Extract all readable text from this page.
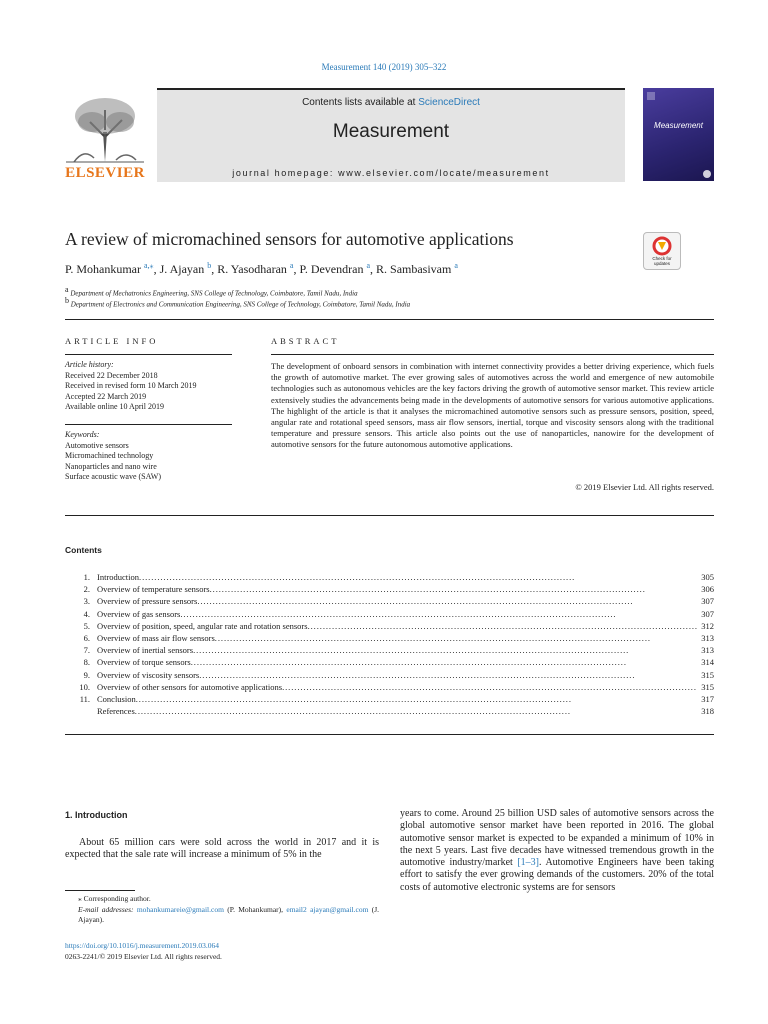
Measurement 140 (2019) 305–322
ELSEVIER
Contents lists available at ScienceDirect
Measurement
journal homepage: www.elsevier.com/locate/measurement
Measurement
A review of micromachined sensors for automotive applications
Check for updates
P. Mohankumar $^{a,⁎}$, J. Ajayan $^b$, R. Yasodharan $^a$, P. Devendran $^a$, R. Sambasivam $^a$
$^a$ Department of Mechatronics Engineering, SNS College of Technology, Coimbatore, Tamil Nadu, India
$^b$ Department of Electronics and Communication Engineering, SNS College of Technology, Coimbatore, Tamil Nadu, India
ARTICLE INFO	ABSTRACT
Article history:
Received 22 December 2018
Received in revised form 10 March 2019
Accepted 22 March 2019
Available online 10 April 2019
Keywords:
Automotive sensors
Micromachined technology
Nanoparticles and nano wire
Surface acoustic wave (SAW)
The development of onboard sensors in combination with internet connectivity provides a better driving experience, which fuels the growth of automotive market. The ever growing sales of automotives across the world and emergence of new automobile technologies such as autonomous vehicles are the key factors driving the growth of automotive sensor market. This review article extensively studies the advancements being made in the developments of automotive sensors for various automotive applications. The highlight of the article is that it analyses the micromachined automotive sensors such as pressure sensors, position, speed, angular rate and rotational speed sensors, mass air flow sensors, inertial, torque and viscosity sensors along with the traditional temperature and pressure sensors. This article also points out the use of nanoparticles, nanowire for the development of automotive sensors for the future autonomous automotive applications.
© 2019 Elsevier Ltd. All rights reserved.
Contents
1. Introduction . . .	305
2. Overview of temperature sensors . . .	306
3. Overview of pressure sensors . . .	307
4. Overview of gas sensors . . .	307
5. Overview of position, speed, angular rate and rotation sensors . . .	312
6. Overview of mass air flow sensors . . .	313
7. Overview of inertial sensors . . .	313
8. Overview of torque sensors . . .	314
9. Overview of viscosity sensors . . .	315
10. Overview of other sensors for automotive applications . . .	315
11. Conclusion . . .	317
References . . .	318
1. Introduction
About 65 million cars were sold across the world in 2017 and it is expected that the sale rate will increase a minimum of 5% in the
years to come. Around 25 billion USD sales of automotive sensors across the global automotive sensor market have been reported in 2016. The global automotive sensor market is expected to be expanded a minimum of 10% in the next 5 years. Last five decades have witnessed tremendous growth in the automotive industry/market [1–3]. Automotive Engineers have been taking effort to satisfy the ever growing demands of the customers. 20% of the total costs of automotive electronic systems are for sensors
⁎ Corresponding author.
E-mail addresses: mohankumareie@gmail.com (P. Mohankumar), email2 ajayan@gmail.com (J. Ajayan).
https://doi.org/10.1016/j.measurement.2019.03.064
0263-2241/© 2019 Elsevier Ltd. All rights reserved.
